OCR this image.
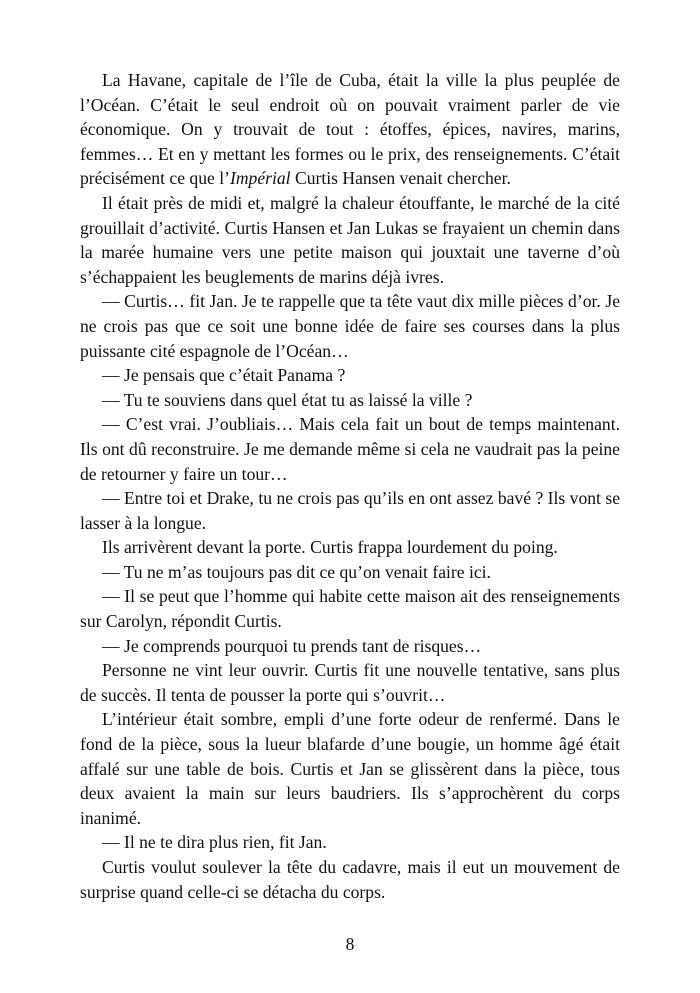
La Havane, capitale de l’île de Cuba, était la ville la plus peuplée de l’Océan. C’était le seul endroit où on pouvait vraiment parler de vie économique. On y trouvait de tout : étoffes, épices, navires, marins, femmes… Et en y mettant les formes ou le prix, des renseignements. C’était précisément ce que l’Impérial Curtis Hansen venait chercher.

Il était près de midi et, malgré la chaleur étouffante, le marché de la cité grouillait d’activité. Curtis Hansen et Jan Lukas se frayaient un chemin dans la marée humaine vers une petite maison qui jouxtait une taverne d’où s’échappaient les beuglements de marins déjà ivres.

— Curtis… fit Jan. Je te rappelle que ta tête vaut dix mille pièces d’or. Je ne crois pas que ce soit une bonne idée de faire ses courses dans la plus puissante cité espagnole de l’Océan…

— Je pensais que c’était Panama ?

— Tu te souviens dans quel état tu as laissé la ville ?

— C’est vrai. J’oubliais… Mais cela fait un bout de temps maintenant. Ils ont dû reconstruire. Je me demande même si cela ne vaudrait pas la peine de retourner y faire un tour…

— Entre toi et Drake, tu ne crois pas qu’ils en ont assez bavé ? Ils vont se lasser à la longue.

Ils arrivèrent devant la porte. Curtis frappa lourdement du poing.

— Tu ne m’as toujours pas dit ce qu’on venait faire ici.

— Il se peut que l’homme qui habite cette maison ait des renseignements sur Carolyn, répondit Curtis.

— Je comprends pourquoi tu prends tant de risques…

Personne ne vint leur ouvrir. Curtis fit une nouvelle tentative, sans plus de succès. Il tenta de pousser la porte qui s’ouvrit…

L’intérieur était sombre, empli d’une forte odeur de renfermé. Dans le fond de la pièce, sous la lueur blafarde d’une bougie, un homme âgé était affalé sur une table de bois. Curtis et Jan se glissèrent dans la pièce, tous deux avaient la main sur leurs baudriers. Ils s’approchèrent du corps inanimé.

— Il ne te dira plus rien, fit Jan.

Curtis voulut soulever la tête du cadavre, mais il eut un mouvement de surprise quand celle-ci se détacha du corps.

8
